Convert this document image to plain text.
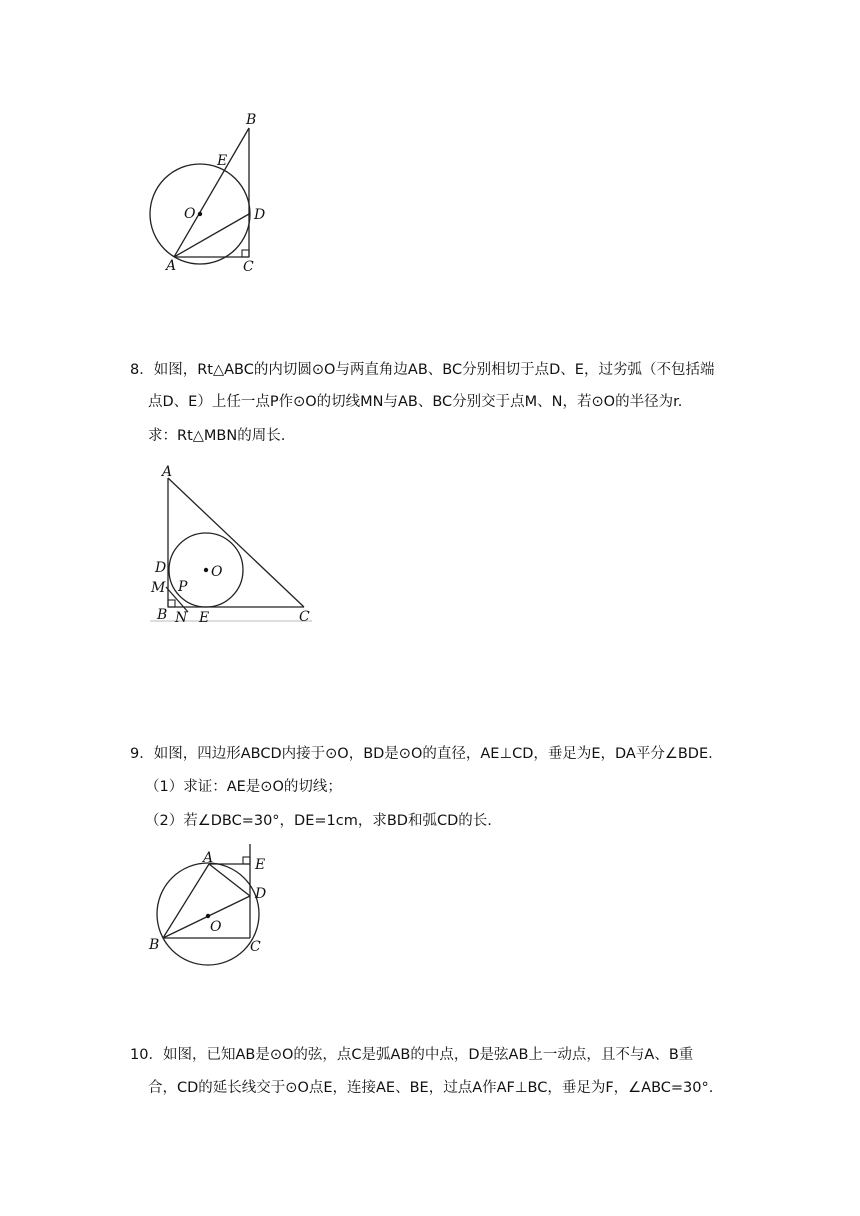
B
E
O	D
A	C
8．如图，Rt△ABC的内切圆⊙O与两直角边AB、BC分别相切于点D、E，过劣弧（不包括端
点D、E）上任一点P作⊙O的切线MN与AB、BC分别交于点M、N，若⊙O的半径为r.
求：Rt△MBN的周长.
A
D
M P
B N E	C
O
9．如图，四边形ABCD内接于⊙O，BD是⊙O的直径，AE⊥CD，垂足为E，DA平分∠BDE.
（1）求证：AE是⊙O的切线；
（2）若∠DBC=30°，DE=1cm，求BD和弧CD的长.
A	E
D
O
B	C
10．如图，已知AB是⊙O的弦，点C是弧AB的中点，D是弦AB上一动点，且不与A、B重
合，CD的延长线交于⊙O点E，连接AE、BE，过点A作AF⊥BC，垂足为F，∠ABC=30°.
